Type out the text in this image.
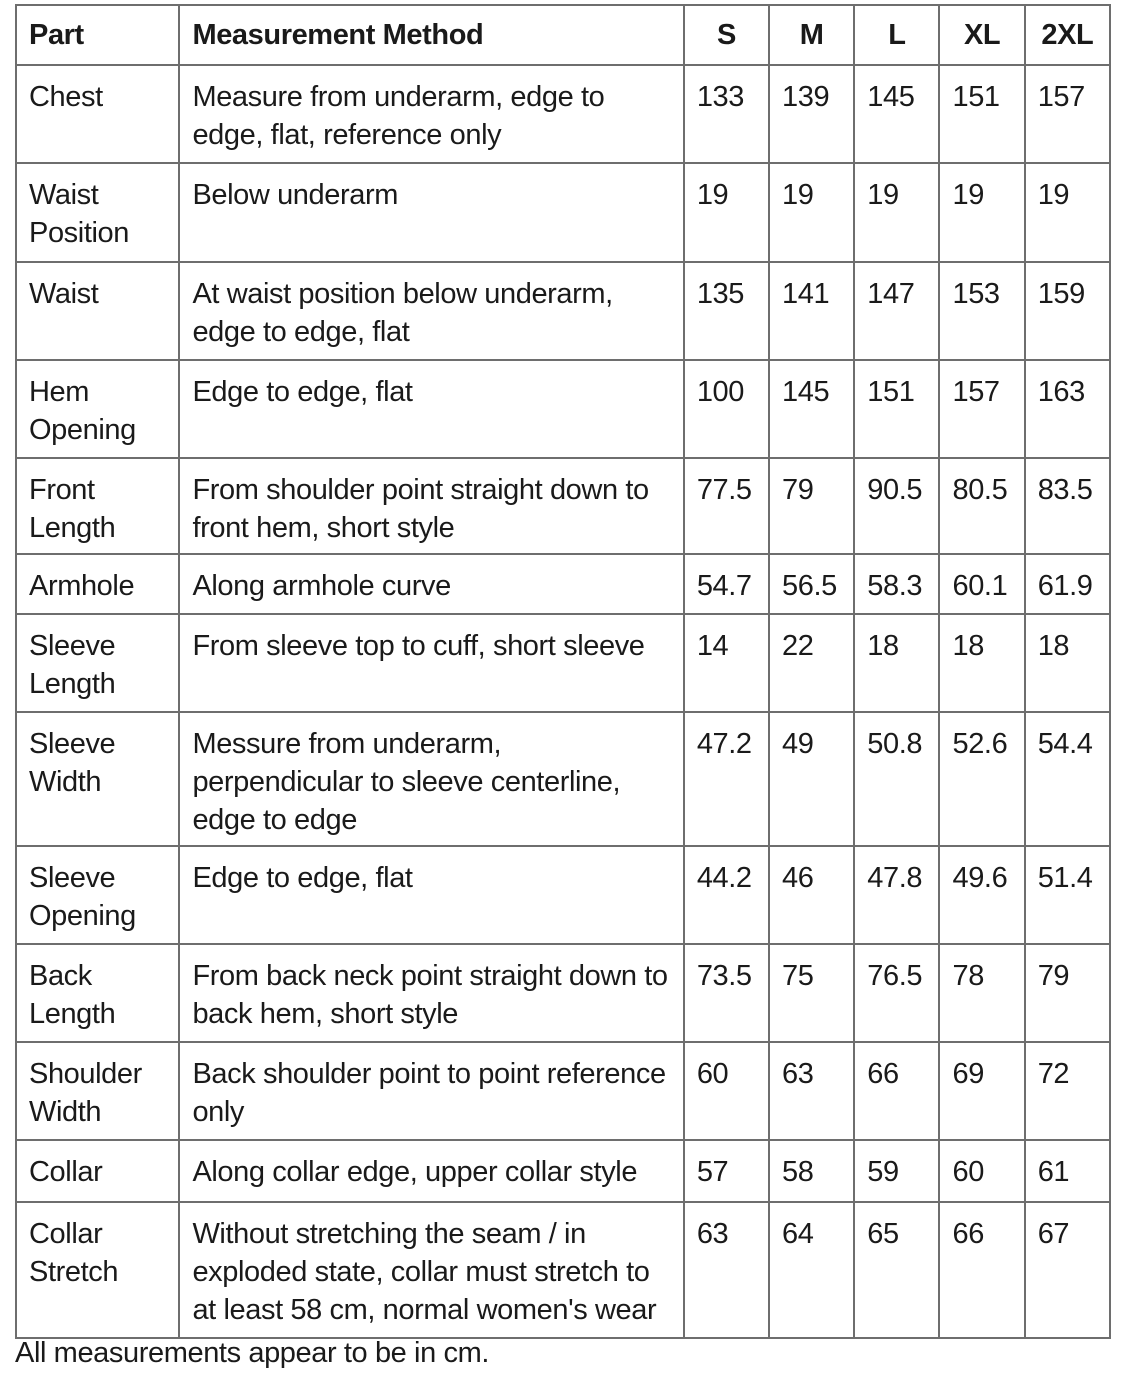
Part	Measurement Method	S	M	L	XL	2XL
Chest	Measure from underarm, edge to edge, flat, reference only	133	139	145	151	157
Waist Position	Below underarm	19	19	19	19	19
Waist	At waist position below underarm, edge to edge, flat	135	141	147	153	159
Hem Opening	Edge to edge, flat	100	145	151	157	163
Front Length	From shoulder point straight down to front hem, short style	77.5	79	90.5	80.5	83.5
Armhole	Along armhole curve	54.7	56.5	58.3	60.1	61.9
Sleeve Length	From sleeve top to cuff, short sleeve	14	22	18	18	18
Sleeve Width	Messure from underarm, perpendicular to sleeve centerline, edge to edge	47.2	49	50.8	52.6	54.4
Sleeve Opening	Edge to edge, flat	44.2	46	47.8	49.6	51.4
Back Length	From back neck point straight down to back hem, short style	73.5	75	76.5	78	79
Shoulder Width	Back shoulder point to point reference only	60	63	66	69	72
Collar	Along collar edge, upper collar style	57	58	59	60	61
Collar Stretch	Without stretching the seam / in exploded state, collar must stretch to at least 58 cm, normal women's wear	63	64	65	66	67

All measurements appear to be in cm.
